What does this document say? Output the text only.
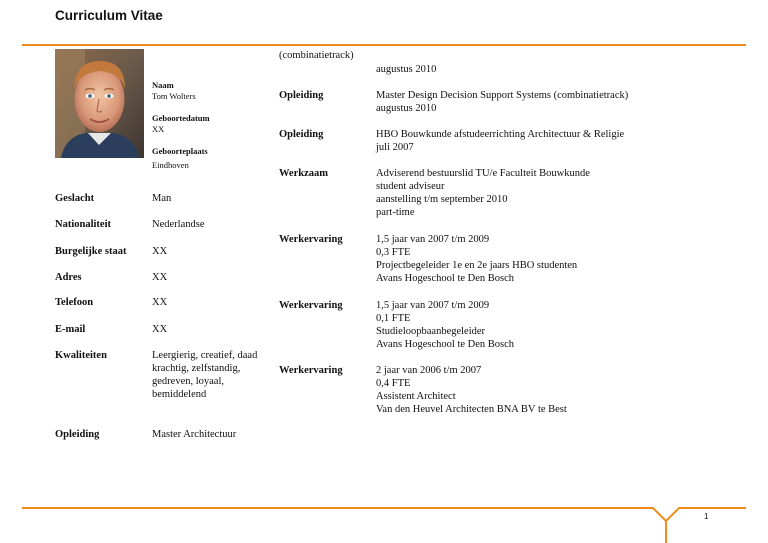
Curriculum Vitae
Naam
Tom Wolters
Geboortedatum
XX
Geboorteplaats
Eindhoven
Geslacht	Man
Nationaliteit	Nederlandse
Burgelijke staat XX
Adres	XX
Telefoon	XX
E-mail	XX
Kwaliteiten	Leergierig, creatief, daad
krachtig, zelfstandig,
gedreven, loyaal,
bemiddelend
Opleiding	Master Architectuur
(combinatietrack)
augustus 2010
Opleiding	Master Design Decision Support Systems (combinatietrack)
augustus 2010
Opleiding	HBO Bouwkunde afstudeerrichting Architectuur & Religie
juli 2007
Werkzaam	Adviserend bestuurslid TU/e Faculteit Bouwkunde
student adviseur
aanstelling t/m september 2010
part-time
Werkervaring	1,5 jaar van 2007 t/m 2009
0,3 FTE
Projectbegeleider 1e en 2e jaars HBO studenten
Avans Hogeschool te Den Bosch
Werkervaring	1,5 jaar van 2007 t/m 2009
0,1 FTE
Studieloopbaanbegeleider
Avans Hogeschool te Den Bosch
Werkervaring	2 jaar van 2006 t/m 2007
0,4 FTE
Assistent Architect
Van den Heuvel Architecten BNA BV te Best
1
